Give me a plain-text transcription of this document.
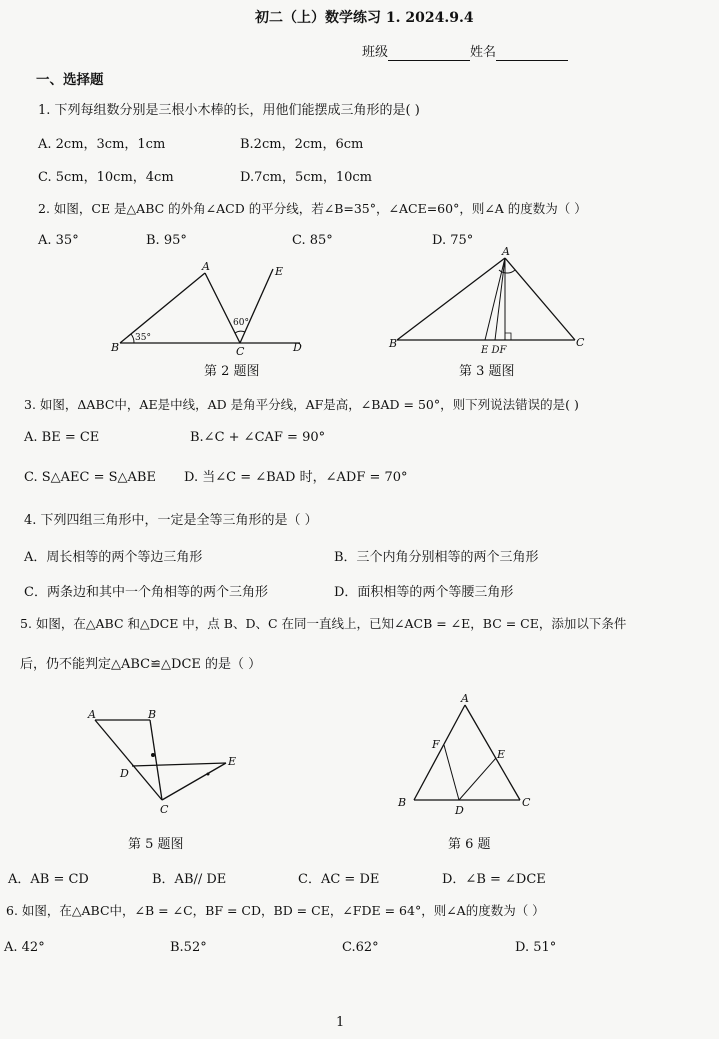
初二（上）数学练习 1. 2024.9.4
班级	姓名
一、选择题
1. 下列每组数分别是三根小木棒的长，用他们能摆成三角形的是( )
A. 2cm，3cm，1cm	B.2cm，2cm，6cm
C. 5cm，10cm，4cm	D.7cm，5cm，10cm
2. 如图，CE 是△ABC 的外角∠ACD 的平分线，若∠B=35°，∠ACE=60°，则∠A 的度数为（ ）
A. 35°	B. 95°	C. 85°	D. 75°
A
B	C	D
E
35°
60°
第 2 题图
A
B	C
E DF
第 3 题图
3. 如图，ΔABC中，AE是中线，AD 是角平分线，AF是高，∠BAD = 50°，则下列说法错误的是( )
A. BE = CE	B.∠C + ∠CAF = 90°
C. S△AEC = S△ABE D. 当∠C = ∠BAD 时，∠ADF = 70°
4. 下列四组三角形中，一定是全等三角形的是（ ）
A．周长相等的两个等边三角形	B．三个内角分别相等的两个三角形
C．两条边和其中一个角相等的两个三角形	D．面积相等的两个等腰三角形
5. 如图，在△ABC 和△DCE 中，点 B、D、C 在同一直线上，已知∠ACB = ∠E，BC = CE，添加以下条件
后，仍不能判定△ABC≌△DCE 的是（ ）
A	B
D
E
C
第 5 题图
A
F
E
B
D
C
第 6 题
A．AB = CD	B．AB// DE	C．AC = DE	D．∠B = ∠DCE
6. 如图，在△ABC中，∠B = ∠C，BF = CD，BD = CE，∠FDE = 64°，则∠A的度数为（ ）
A. 42°	B.52°	C.62°	D. 51°
1
